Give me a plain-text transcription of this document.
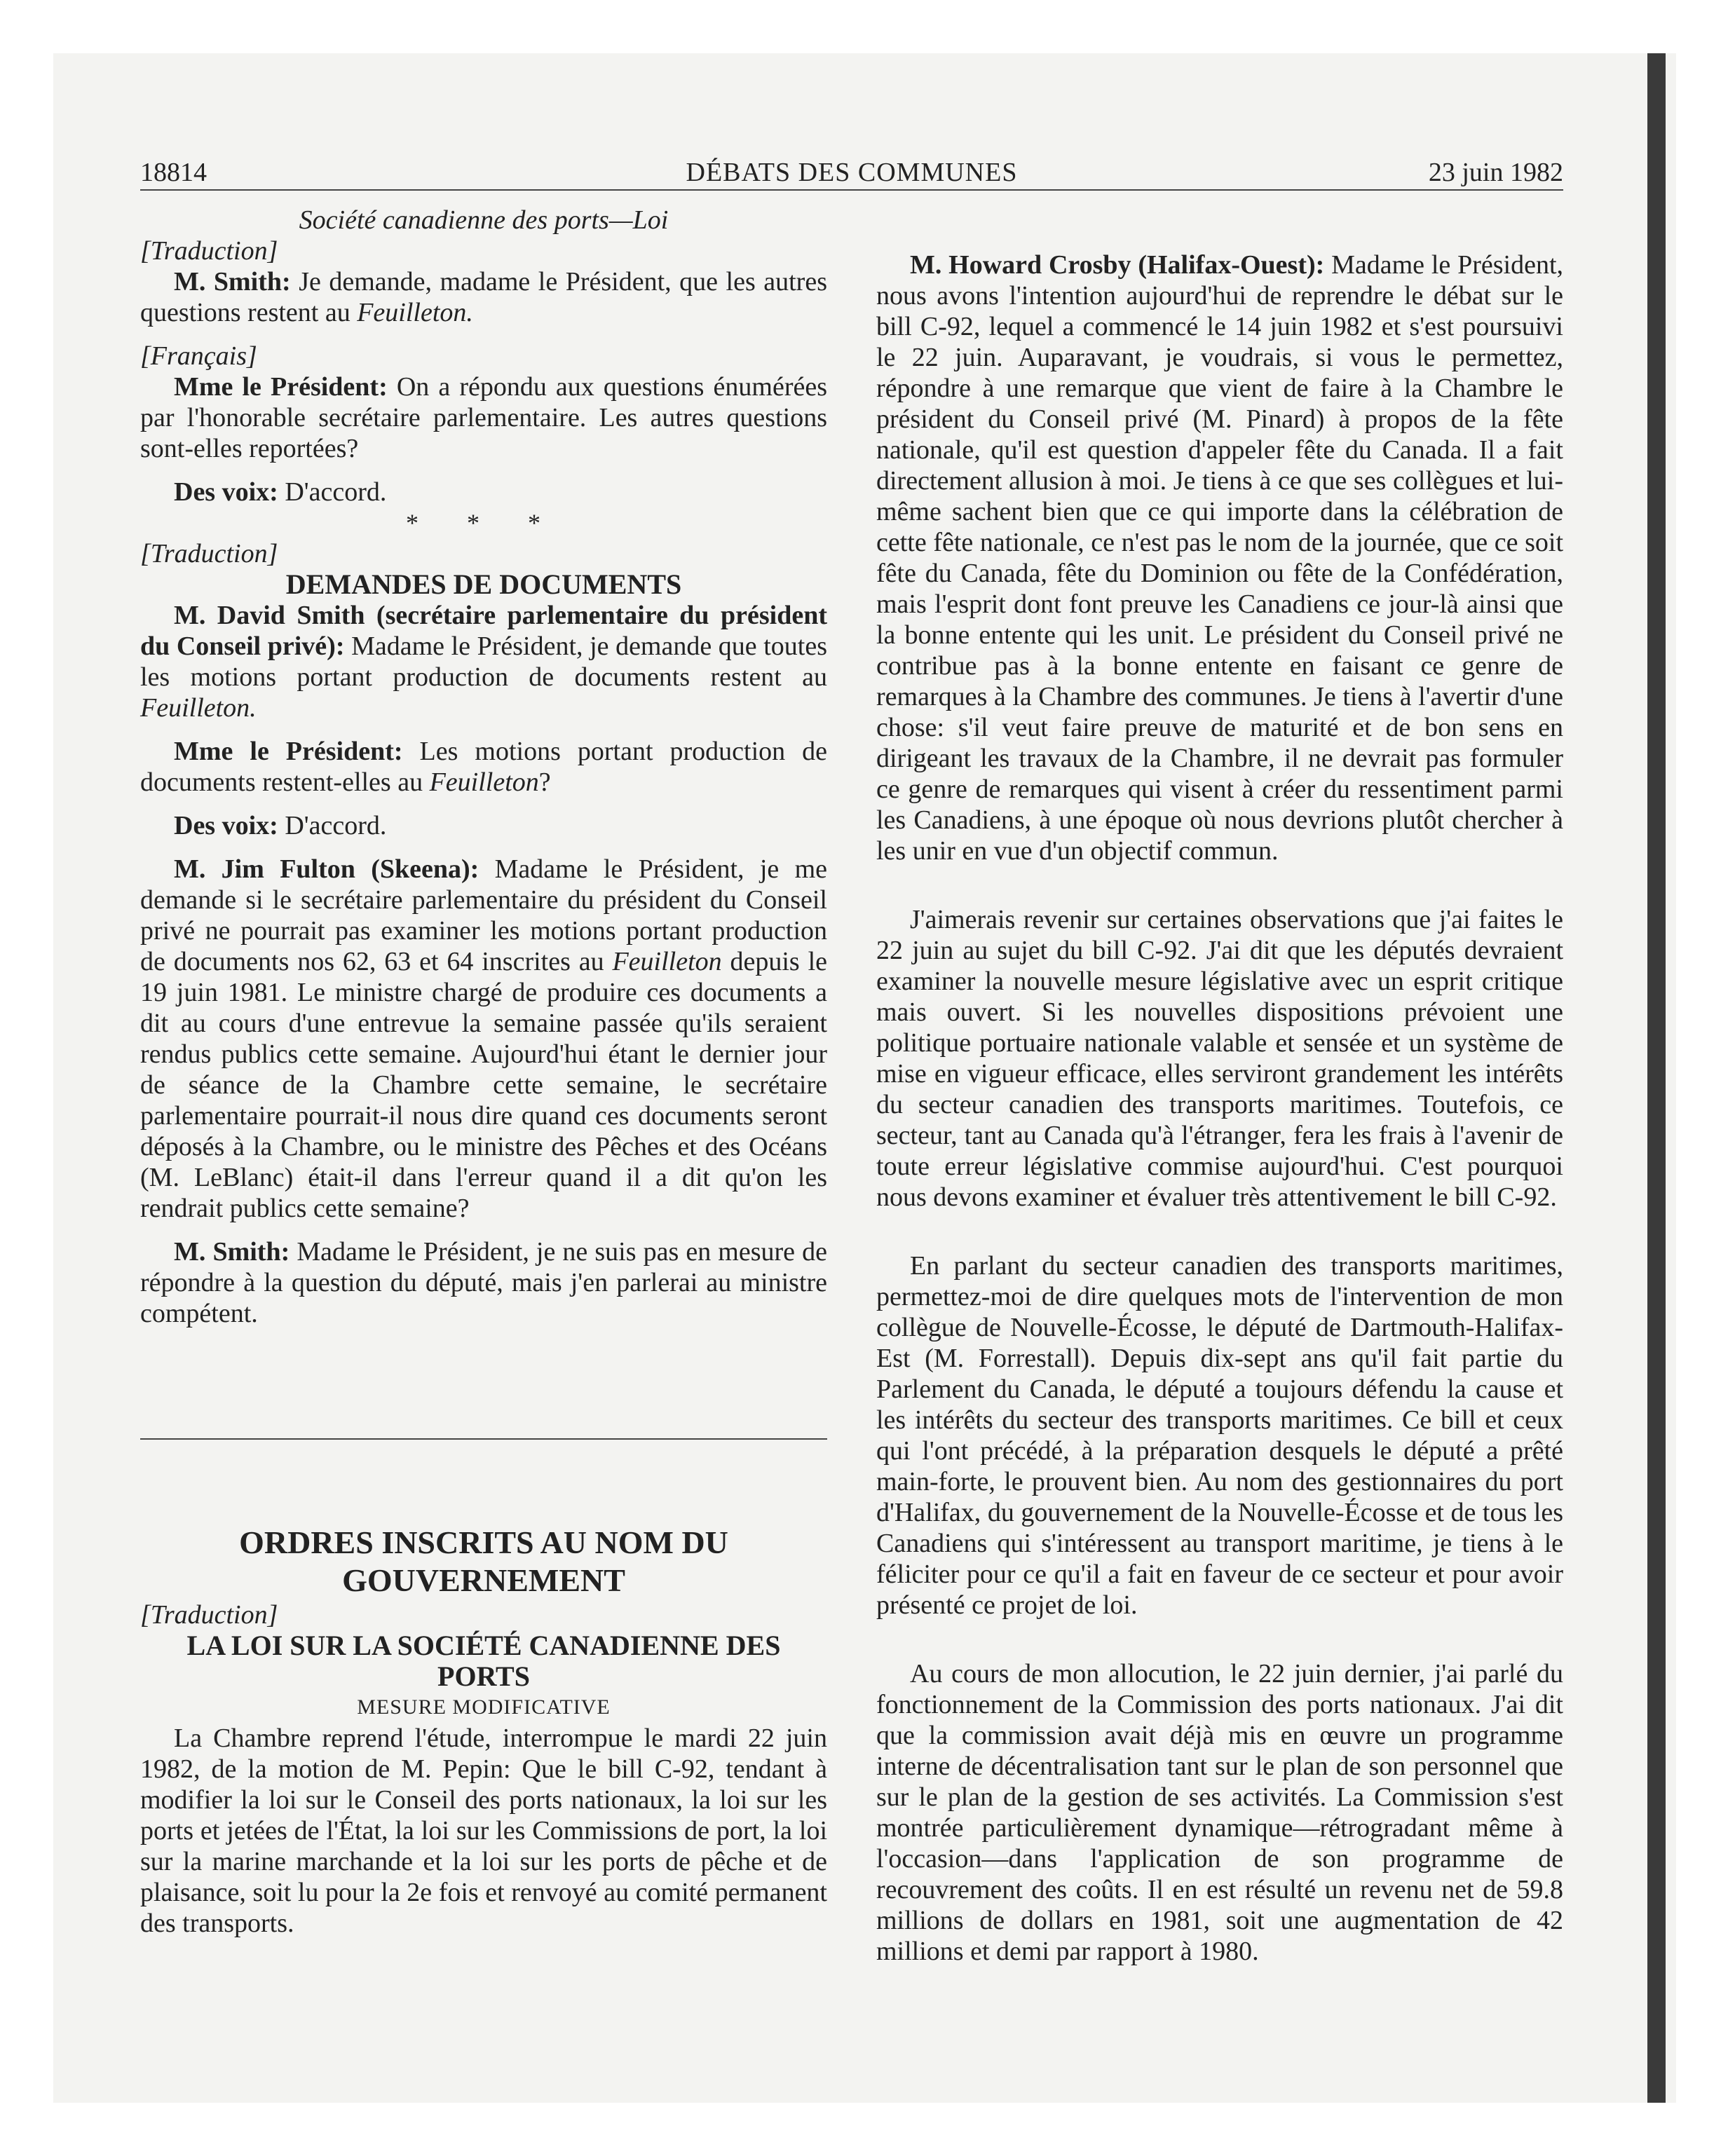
18814	DÉBATS DES COMMUNES	23 juin 1982

Société canadienne des ports—Loi

[Traduction]

M. Smith: Je demande, madame le Président, que les autres questions restent au Feuilleton.

[Français]

Mme le Président: On a répondu aux questions énumérées par l'honorable secrétaire parlementaire. Les autres questions sont-elles reportées?

Des voix: D'accord.

* * *

[Traduction]

DEMANDES DE DOCUMENTS

M. David Smith (secrétaire parlementaire du président du Conseil privé): Madame le Président, je demande que toutes les motions portant production de documents restent au Feuilleton.

Mme le Président: Les motions portant production de documents restent-elles au Feuilleton?

Des voix: D'accord.

M. Jim Fulton (Skeena): Madame le Président, je me demande si le secrétaire parlementaire du président du Conseil privé ne pourrait pas examiner les motions portant production de documents nos 62, 63 et 64 inscrites au Feuilleton depuis le 19 juin 1981. Le ministre chargé de produire ces documents a dit au cours d'une entrevue la semaine passée qu'ils seraient rendus publics cette semaine. Aujourd'hui étant le dernier jour de séance de la Chambre cette semaine, le secrétaire parlementaire pourrait-il nous dire quand ces documents seront déposés à la Chambre, ou le ministre des Pêches et des Océans (M. LeBlanc) était-il dans l'erreur quand il a dit qu'on les rendrait publics cette semaine?

M. Smith: Madame le Président, je ne suis pas en mesure de répondre à la question du député, mais j'en parlerai au ministre compétent.

ORDRES INSCRITS AU NOM DU GOUVERNEMENT

[Traduction]

LA LOI SUR LA SOCIÉTÉ CANADIENNE DES PORTS

MESURE MODIFICATIVE

La Chambre reprend l'étude, interrompue le mardi 22 juin 1982, de la motion de M. Pepin: Que le bill C-92, tendant à modifier la loi sur le Conseil des ports nationaux, la loi sur les ports et jetées de l'État, la loi sur les Commissions de port, la loi sur la marine marchande et la loi sur les ports de pêche et de plaisance, soit lu pour la 2e fois et renvoyé au comité permanent des transports.

M. Howard Crosby (Halifax-Ouest): Madame le Président, nous avons l'intention aujourd'hui de reprendre le débat sur le bill C-92, lequel a commencé le 14 juin 1982 et s'est poursuivi le 22 juin. Auparavant, je voudrais, si vous le permettez, répondre à une remarque que vient de faire à la Chambre le président du Conseil privé (M. Pinard) à propos de la fête nationale, qu'il est question d'appeler fête du Canada. Il a fait directement allusion à moi. Je tiens à ce que ses collègues et lui-même sachent bien que ce qui importe dans la célébration de cette fête nationale, ce n'est pas le nom de la journée, que ce soit fête du Canada, fête du Dominion ou fête de la Confédération, mais l'esprit dont font preuve les Canadiens ce jour-là ainsi que la bonne entente qui les unit. Le président du Conseil privé ne contribue pas à la bonne entente en faisant ce genre de remarques à la Chambre des communes. Je tiens à l'avertir d'une chose: s'il veut faire preuve de maturité et de bon sens en dirigeant les travaux de la Chambre, il ne devrait pas formuler ce genre de remarques qui visent à créer du ressentiment parmi les Canadiens, à une époque où nous devrions plutôt chercher à les unir en vue d'un objectif commun.

J'aimerais revenir sur certaines observations que j'ai faites le 22 juin au sujet du bill C-92. J'ai dit que les députés devraient examiner la nouvelle mesure législative avec un esprit critique mais ouvert. Si les nouvelles dispositions prévoient une politique portuaire nationale valable et sensée et un système de mise en vigueur efficace, elles serviront grandement les intérêts du secteur canadien des transports maritimes. Toutefois, ce secteur, tant au Canada qu'à l'étranger, fera les frais à l'avenir de toute erreur législative commise aujourd'hui. C'est pourquoi nous devons examiner et évaluer très attentivement le bill C-92.

En parlant du secteur canadien des transports maritimes, permettez-moi de dire quelques mots de l'intervention de mon collègue de Nouvelle-Écosse, le député de Dartmouth-Halifax-Est (M. Forrestall). Depuis dix-sept ans qu'il fait partie du Parlement du Canada, le député a toujours défendu la cause et les intérêts du secteur des transports maritimes. Ce bill et ceux qui l'ont précédé, à la préparation desquels le député a prêté main-forte, le prouvent bien. Au nom des gestionnaires du port d'Halifax, du gouvernement de la Nouvelle-Écosse et de tous les Canadiens qui s'intéressent au transport maritime, je tiens à le féliciter pour ce qu'il a fait en faveur de ce secteur et pour avoir présenté ce projet de loi.

Au cours de mon allocution, le 22 juin dernier, j'ai parlé du fonctionnement de la Commission des ports nationaux. J'ai dit que la commission avait déjà mis en œuvre un programme interne de décentralisation tant sur le plan de son personnel que sur le plan de la gestion de ses activités. La Commission s'est montrée particulièrement dynamique—rétrogradant même à l'occasion—dans l'application de son programme de recouvrement des coûts. Il en est résulté un revenu net de 59.8 millions de dollars en 1981, soit une augmentation de 42 millions et demi par rapport à 1980.
